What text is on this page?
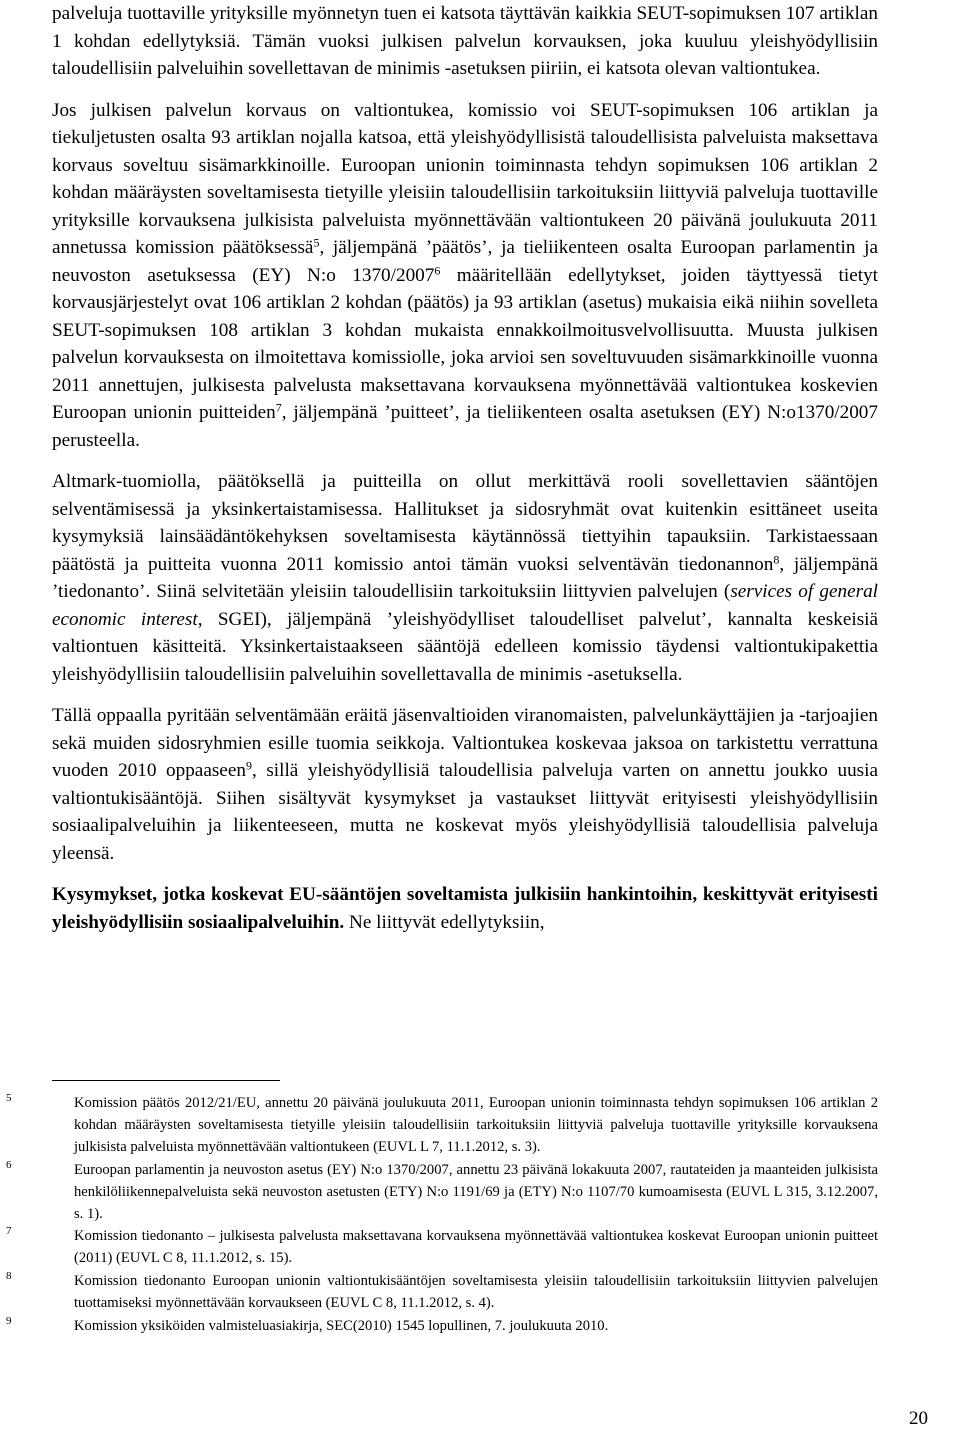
palveluja tuottaville yrityksille myönnetyn tuen ei katsota täyttävän kaikkia SEUT-sopimuksen 107 artiklan 1 kohdan edellytyksiä. Tämän vuoksi julkisen palvelun korvauksen, joka kuuluu yleishyödyllisiin taloudellisiin palveluihin sovellettavan de minimis -asetuksen piiriin, ei katsota olevan valtiontukea.

Jos julkisen palvelun korvaus on valtiontukea, komissio voi SEUT-sopimuksen 106 artiklan ja tiekuljetusten osalta 93 artiklan nojalla katsoa, että yleishyödyllisistä taloudellisista palveluista maksettava korvaus soveltuu sisämarkkinoille. Euroopan unionin toiminnasta tehdyn sopimuksen 106 artiklan 2 kohdan määräysten soveltamisesta tietyille yleisiin taloudellisiin tarkoituksiin liittyviä palveluja tuottaville yrityksille korvauksena julkisista palveluista myönnettävään valtiontukeen 20 päivänä joulukuuta 2011 annetussa komission päätöksessä$^5$, jäljempänä ’päätös’, ja tieliikenteen osalta Euroopan parlamentin ja neuvoston asetuksessa (EY) N:o 1370/2007$^6$ määritellään edellytykset, joiden täyttyessä tietyt korvausjärjestelyt ovat 106 artiklan 2 kohdan (päätös) ja 93 artiklan (asetus) mukaisia eikä niihin sovelleta SEUT-sopimuksen 108 artiklan 3 kohdan mukaista ennakkoilmoitusvelvollisuutta. Muusta julkisen palvelun korvauksesta on ilmoitettava komissiolle, joka arvioi sen soveltuvuuden sisämarkkinoille vuonna 2011 annettujen, julkisesta palvelusta maksettavana korvauksena myönnettävää valtiontukea koskevien Euroopan unionin puitteiden$^7$, jäljempänä ’puitteet’, ja tieliikenteen osalta asetuksen (EY) N:o1370/2007 perusteella.

Altmark-tuomiolla, päätöksellä ja puitteilla on ollut merkittävä rooli sovellettavien sääntöjen selventämisessä ja yksinkertaistamisessa. Hallitukset ja sidosryhmät ovat kuitenkin esittäneet useita kysymyksiä lainsäädäntökehyksen soveltamisesta käytännössä tiettyihin tapauksiin. Tarkistaessaan päätöstä ja puitteita vuonna 2011 komissio antoi tämän vuoksi selventävän tiedonannon$^8$, jäljempänä ’tiedonanto’. Siinä selvitetään yleisiin taloudellisiin tarkoituksiin liittyvien palvelujen (services of general economic interest, SGEI), jäljempänä ’yleishyödylliset taloudelliset palvelut’, kannalta keskeisiä valtiontuen käsitteitä. Yksinkertaistaakseen sääntöjä edelleen komissio täydensi valtiontukipakettia yleishyödyllisiin taloudellisiin palveluihin sovellettavalla de minimis -asetuksella.

Tällä oppaalla pyritään selventämään eräitä jäsenvaltioiden viranomaisten, palvelunkäyttäjien ja -tarjoajien sekä muiden sidosryhmien esille tuomia seikkoja. Valtiontukea koskevaa jaksoa on tarkistettu verrattuna vuoden 2010 oppaaseen$^9$, sillä yleishyödyllisiä taloudellisia palveluja varten on annettu joukko uusia valtiontukisääntöjä. Siihen sisältyvät kysymykset ja vastaukset liittyvät erityisesti yleishyödyllisiin sosiaalipalveluihin ja liikenteeseen, mutta ne koskevat myös yleishyödyllisiä taloudellisia palveluja yleensä.

Kysymykset, jotka koskevat EU-sääntöjen soveltamista julkisiin hankintoihin, keskittyvät erityisesti yleishyödyllisiin sosiaalipalveluihin. Ne liittyvät edellytyksiin,

5	Komission päätös 2012/21/EU, annettu 20 päivänä joulukuuta 2011, Euroopan unionin toiminnasta tehdyn sopimuksen 106 artiklan 2 kohdan määräysten soveltamisesta tietyille yleisiin taloudellisiin tarkoituksiin liittyviä palveluja tuottaville yrityksille korvauksena julkisista palveluista myönnettävään valtiontukeen (EUVL L 7, 11.1.2012, s. 3).
6	Euroopan parlamentin ja neuvoston asetus (EY) N:o 1370/2007, annettu 23 päivänä lokakuuta 2007, rautateiden ja maanteiden julkisista henkilöliikennepalveluista sekä neuvoston asetusten (ETY) N:o 1191/69 ja (ETY) N:o 1107/70 kumoamisesta (EUVL L 315, 3.12.2007, s. 1).
7	Komission tiedonanto – julkisesta palvelusta maksettavana korvauksena myönnettävää valtiontukea koskevat Euroopan unionin puitteet (2011) (EUVL C 8, 11.1.2012, s. 15).
8	Komission tiedonanto Euroopan unionin valtiontukisääntöjen soveltamisesta yleisiin taloudellisiin tarkoituksiin liittyvien palvelujen tuottamiseksi myönnettävään korvaukseen (EUVL C 8, 11.1.2012, s. 4).
9	Komission yksiköiden valmisteluasiakirja, SEC(2010) 1545 lopullinen, 7. joulukuuta 2010.
20
